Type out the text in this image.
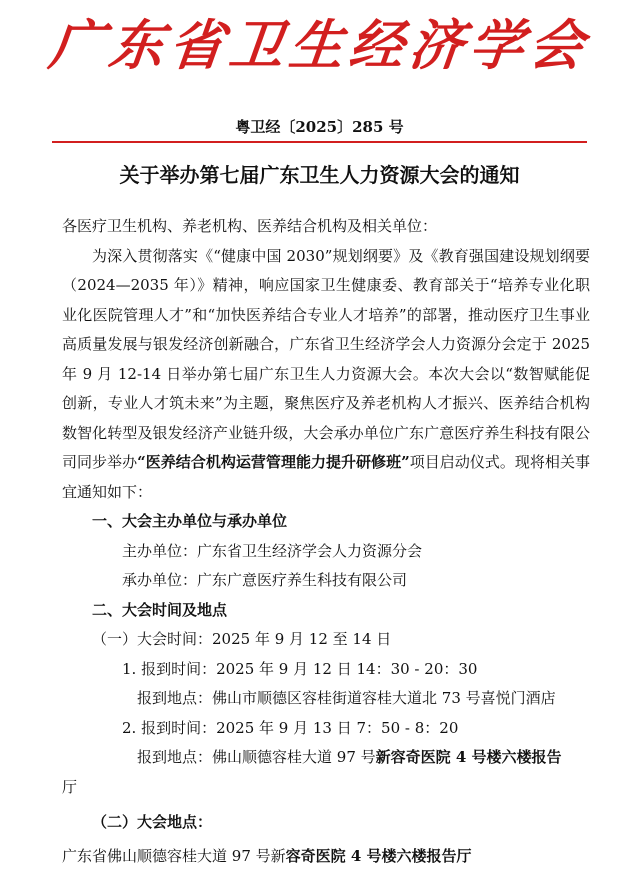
广东省卫生经济学会
粤卫经〔2025〕285 号
关于举办第七届广东卫生人力资源大会的通知

各医疗卫生机构、养老机构、医养结合机构及相关单位：

为深入贯彻落实《“健康中国 2030”规划纲要》及《教育强国建设规划纲要（2024—2035 年）》精神，响应国家卫生健康委、教育部关于“培养专业化职业化医院管理人才”和“加快医养结合专业人才培养”的部署，推动医疗卫生事业高质量发展与银发经济创新融合，广东省卫生经济学会人力资源分会定于 2025 年 9 月 12-14 日举办第七届广东卫生人力资源大会。本次大会以“数智赋能促创新，专业人才筑未来”为主题，聚焦医疗及养老机构人才振兴、医养结合机构数智化转型及银发经济产业链升级，大会承办单位广东广意医疗养生科技有限公司同步举办“医养结合机构运营管理能力提升研修班”项目启动仪式。现将相关事宜通知如下：

一、大会主办单位与承办单位

主办单位：广东省卫生经济学会人力资源分会

承办单位：广东广意医疗养生科技有限公司

二、大会时间及地点

（一）大会时间：2025 年 9 月 12 至 14 日

1. 报到时间：2025 年 9 月 12 日 14：30 - 20：30

报到地点：佛山市顺德区容桂街道容桂大道北 73 号喜悦门酒店

2. 报到时间：2025 年 9 月 13 日 7：50 - 8：20

报到地点：佛山顺德容桂大道 97 号新容奇医院 4 号楼六楼报告

厅

（二）大会地点：

广东省佛山顺德容桂大道 97 号新容奇医院 4 号楼六楼报告厅
